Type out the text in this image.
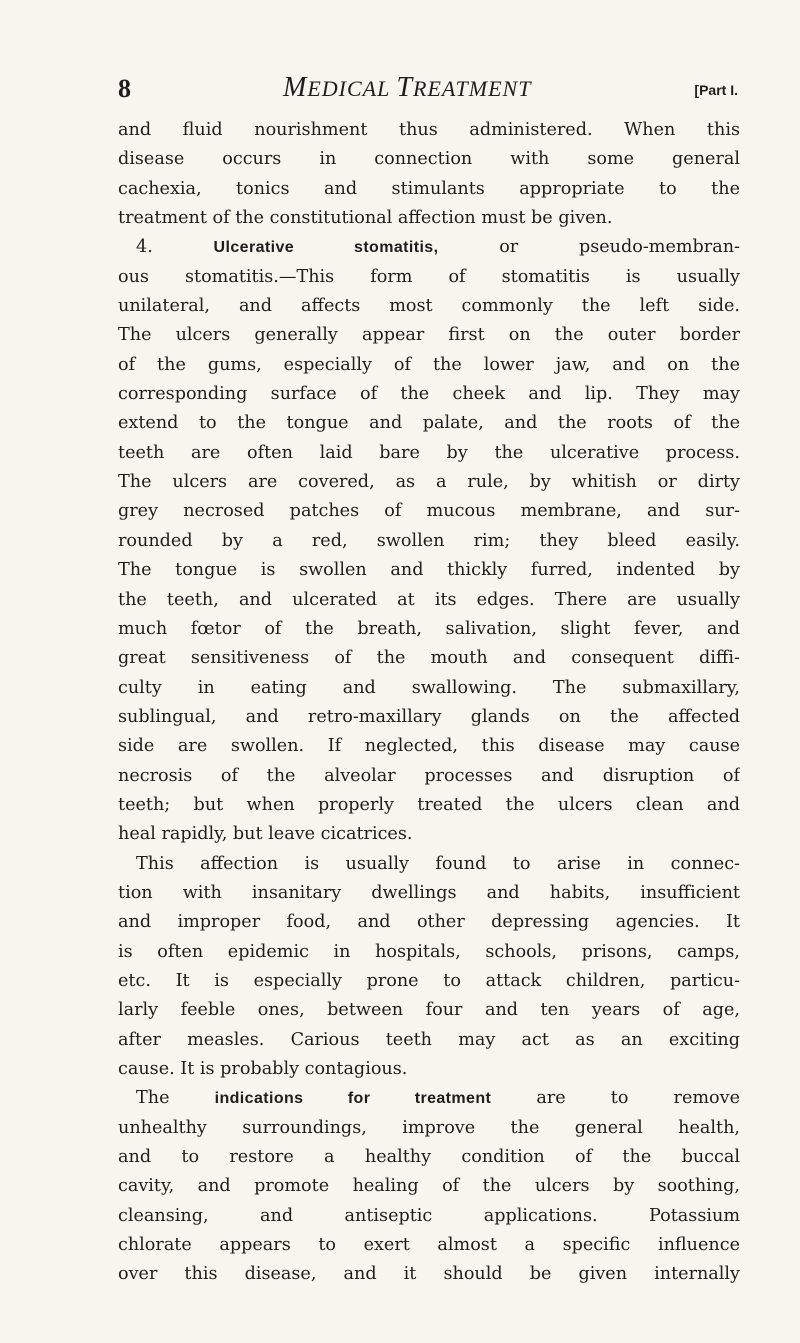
8	MEDICAL TREATMENT	[Part I.
and fluid nourishment thus administered. When this
disease occurs in connection with some general
cachexia, tonics and stimulants appropriate to the
treatment of the constitutional affection must be given.
4.	Ulcerative stomatitis, or pseudo-membran-
ous stomatitis.—This form of stomatitis is usually
unilateral, and affects most commonly the left side.
The ulcers generally appear first on the outer border
of the gums, especially of the lower jaw, and on the
corresponding surface of the cheek and lip. They may
extend to the tongue and palate, and the roots of the
teeth are often laid bare by the ulcerative process.
The ulcers are covered, as a rule, by whitish or dirty
grey necrosed patches of mucous membrane, and sur-
rounded by a red, swollen rim; they bleed easily.
The tongue is swollen and thickly furred, indented by
the teeth, and ulcerated at its edges. There are usually
much fœtor of the breath, salivation, slight fever, and
great sensitiveness of the mouth and consequent diffi-
culty in eating and swallowing. The submaxillary,
sublingual, and retro-maxillary glands on the affected
side are swollen. If neglected, this disease may cause
necrosis of the alveolar processes and disruption of
teeth; but when properly treated the ulcers clean and
heal rapidly, but leave cicatrices.
This affection is usually found to arise in connec-
tion with insanitary dwellings and habits, insufficient
and improper food, and other depressing agencies. It
is often epidemic in hospitals, schools, prisons, camps,
etc. It is especially prone to attack children, particu-
larly feeble ones, between four and ten years of age,
after measles. Carious teeth may act as an exciting
cause. It is probably contagious.
The indications for treatment are to remove
unhealthy surroundings, improve the general health,
and to restore a healthy condition of the buccal
cavity, and promote healing of the ulcers by soothing,
cleansing, and antiseptic applications. Potassium
chlorate appears to exert almost a specific influence
over this disease, and it should be given internally
